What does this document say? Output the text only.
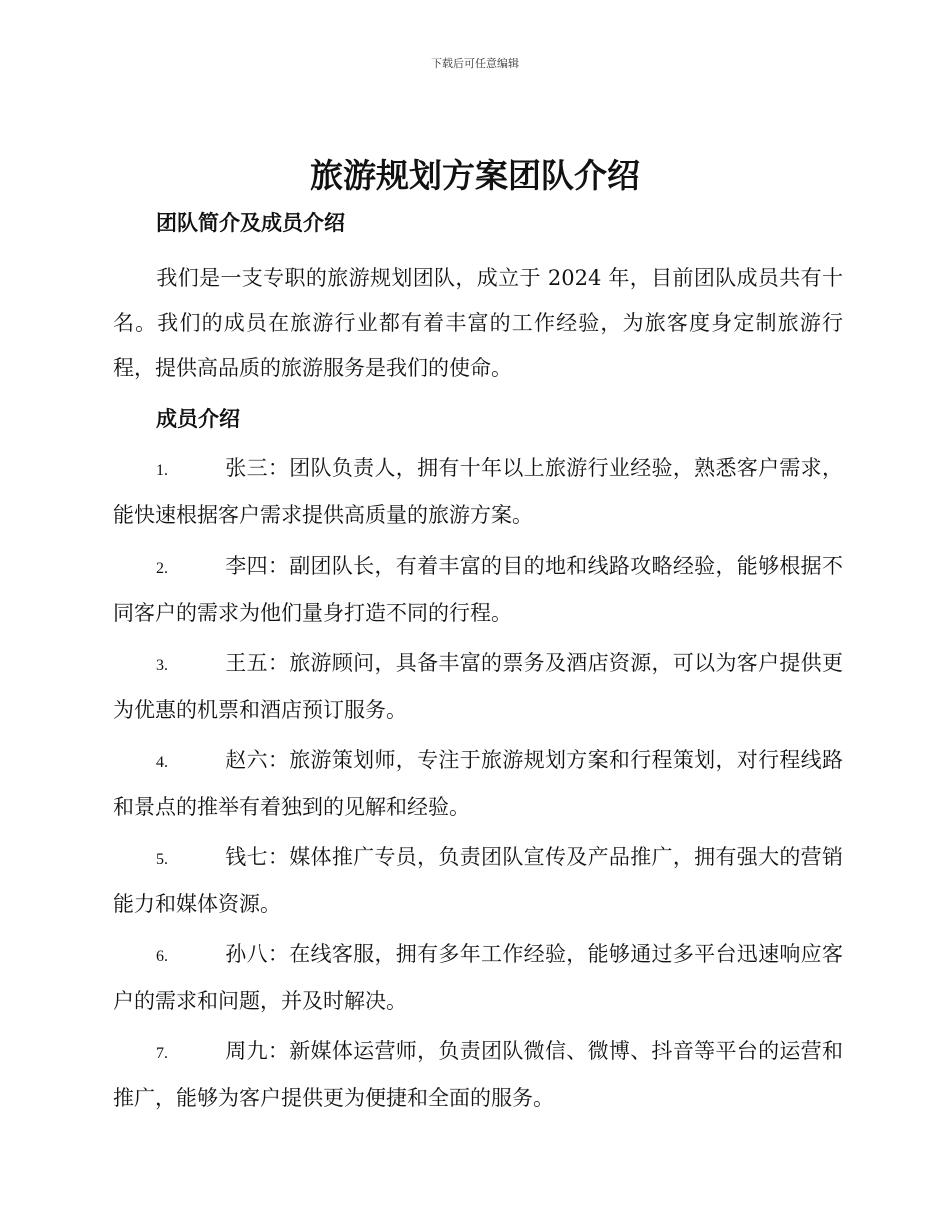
下载后可任意编辑
旅游规划方案团队介绍
团队简介及成员介绍
我们是一支专职的旅游规划团队，成立于 2024 年，目前团队成员共有十名。我们的成员在旅游行业都有着丰富的工作经验，为旅客度身定制旅游行程，提供高品质的旅游服务是我们的使命。
成员介绍
1.	张三：团队负责人，拥有十年以上旅游行业经验，熟悉客户需求，能快速根据客户需求提供高质量的旅游方案。
2.	李四：副团队长，有着丰富的目的地和线路攻略经验，能够根据不同客户的需求为他们量身打造不同的行程。
3.	王五：旅游顾问，具备丰富的票务及酒店资源，可以为客户提供更为优惠的机票和酒店预订服务。
4.	赵六：旅游策划师，专注于旅游规划方案和行程策划，对行程线路和景点的推举有着独到的见解和经验。
5.	钱七：媒体推广专员，负责团队宣传及产品推广，拥有强大的营销能力和媒体资源。
6.	孙八：在线客服，拥有多年工作经验，能够通过多平台迅速响应客户的需求和问题，并及时解决。
7.	周九：新媒体运营师，负责团队微信、微博、抖音等平台的运营和推广，能够为客户提供更为便捷和全面的服务。
